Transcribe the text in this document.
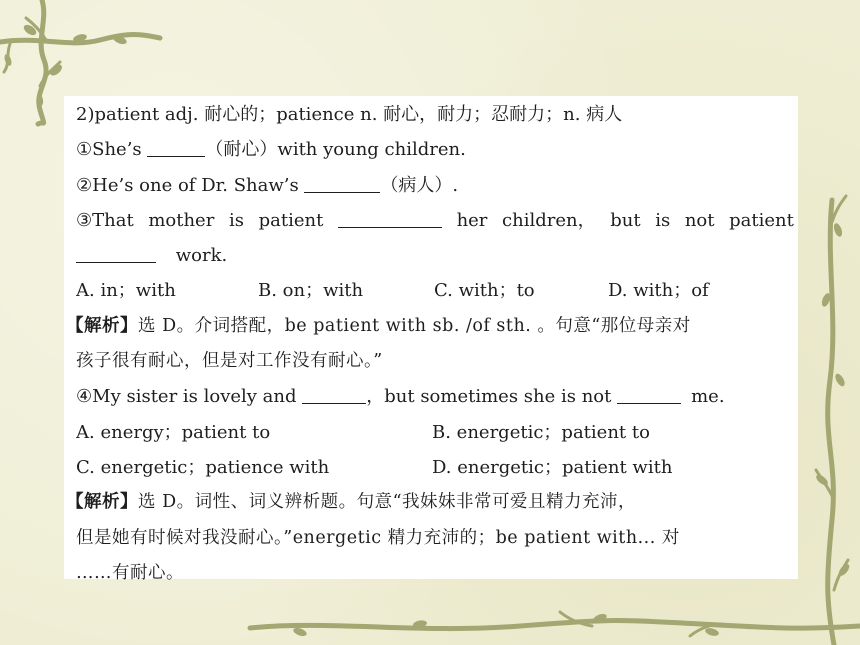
2)patient adj. 耐心的；patience n. 耐心，耐力；忍耐力；n. 病人
①She’s	（耐心）with young children.
②He’s one of Dr. Shaw’s	（病人）.
③That mother is patient	her children， but is not patient
work.
A. in；with	B. on；with	C. with；to	D. with；of
【解析】选 D。介词搭配，be patient with sb. /of sth. 。句意“那位母亲对
孩子很有耐心，但是对工作没有耐心。”
④My sister is lovely and	，but sometimes she is not	me.
A. energy；patient to	B. energetic；patient to
C. energetic；patience with	D. energetic；patient with
【解析】选 D。词性、词义辨析题。句意“我妹妹非常可爱且精力充沛，
但是她有时候对我没耐心。”energetic 精力充沛的；be patient with... 对
……有耐心。
